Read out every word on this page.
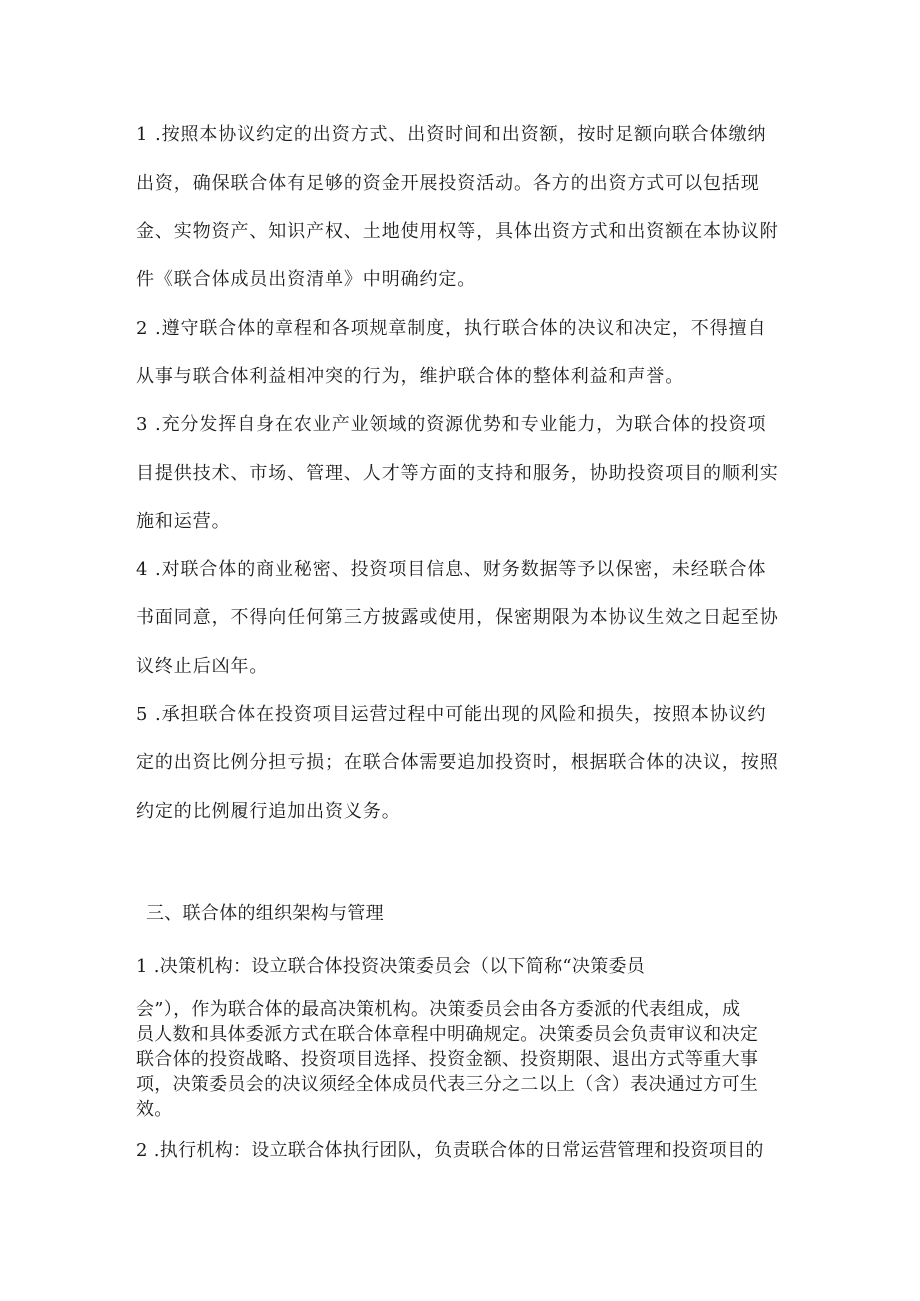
1 .按照本协议约定的出资方式、出资时间和出资额，按时足额向联合体缴纳
出资，确保联合体有足够的资金开展投资活动。各方的出资方式可以包括现
金、实物资产、知识产权、土地使用权等，具体出资方式和出资额在本协议附
件《联合体成员出资清单》中明确约定。
2 .遵守联合体的章程和各项规章制度，执行联合体的决议和决定，不得擅自
从事与联合体利益相冲突的行为，维护联合体的整体利益和声誉。
3 .充分发挥自身在农业产业领域的资源优势和专业能力，为联合体的投资项
目提供技术、市场、管理、人才等方面的支持和服务，协助投资项目的顺利实
施和运营。
4 .对联合体的商业秘密、投资项目信息、财务数据等予以保密，未经联合体
书面同意，不得向任何第三方披露或使用，保密期限为本协议生效之日起至协
议终止后凶年。
5 .承担联合体在投资项目运营过程中可能出现的风险和损失，按照本协议约
定的出资比例分担亏损；在联合体需要追加投资时，根据联合体的决议，按照
约定的比例履行追加出资义务。
三、联合体的组织架构与管理
1 .决策机构：设立联合体投资决策委员会（以下简称“决策委员
会”），作为联合体的最高决策机构。决策委员会由各方委派的代表组成，成
员人数和具体委派方式在联合体章程中明确规定。决策委员会负责审议和决定
联合体的投资战略、投资项目选择、投资金额、投资期限、退出方式等重大事
项，决策委员会的决议须经全体成员代表三分之二以上（含）表决通过方可生
效。
2 .执行机构：设立联合体执行团队，负责联合体的日常运营管理和投资项目的
